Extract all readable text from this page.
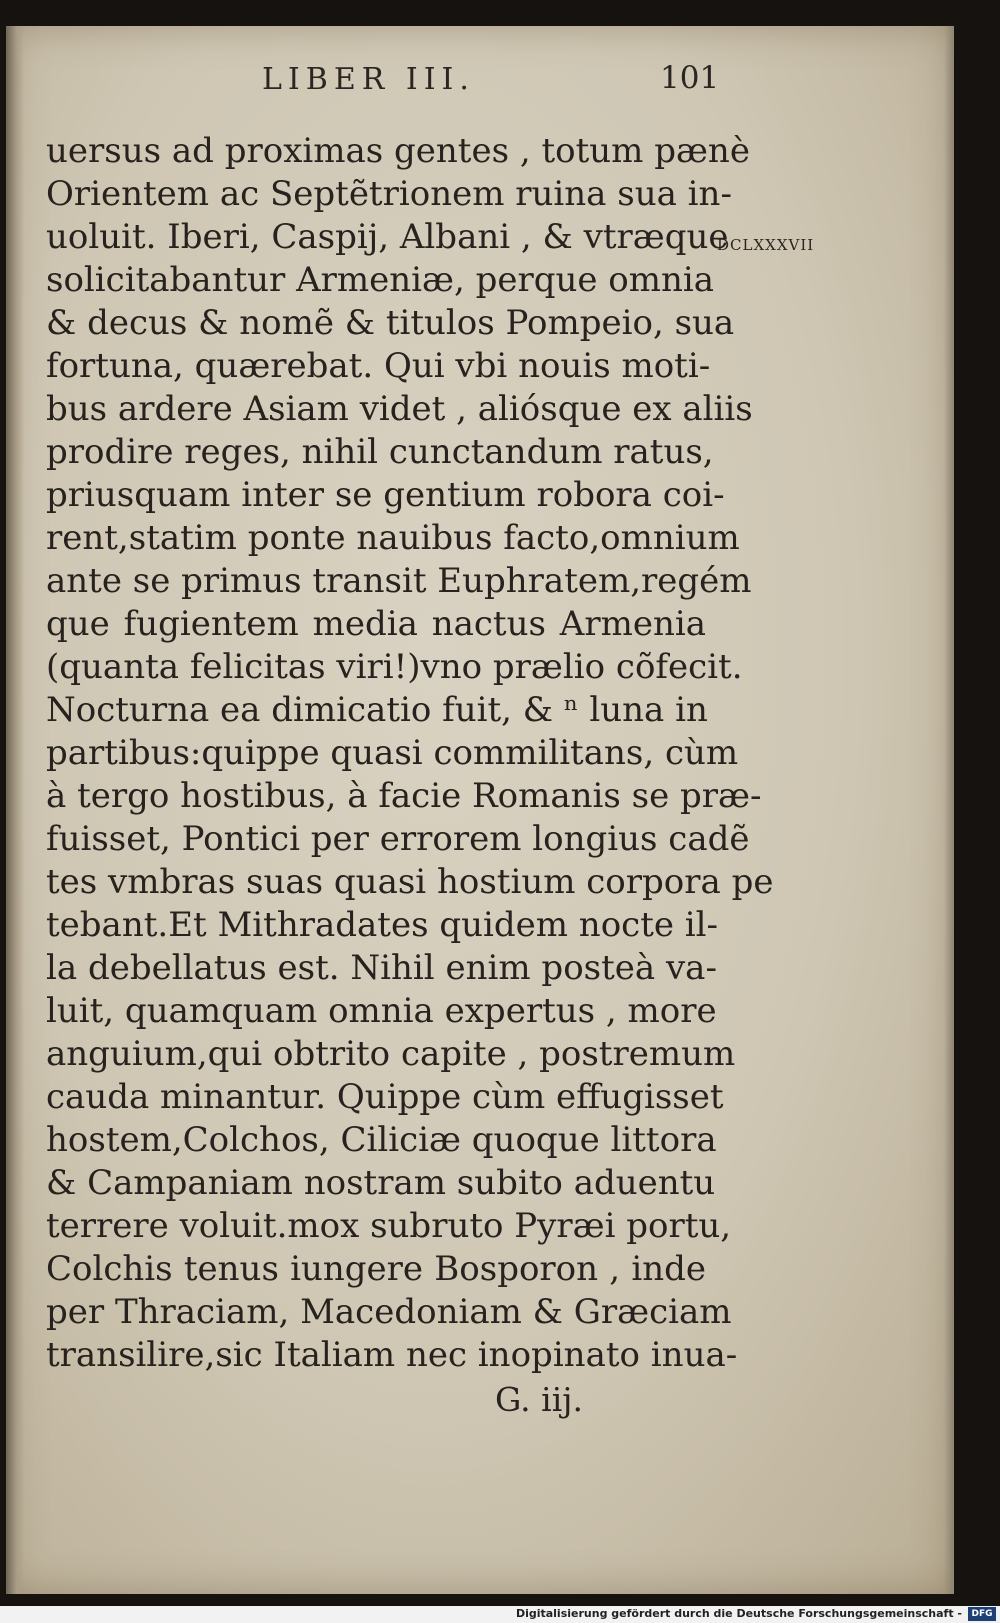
LIBER III.	101
DCLXXXVII
uersus ad proximas gentes , totum pænè
Orientem ac Septẽtrionem ruina sua in-
uoluit. Iberi, Caspij, Albani , & vtræque
solicitabantur Armeniæ, perque omnia
& decus & nomẽ & titulos Pompeio, sua
fortuna, quærebat. Qui vbi nouis moti-
bus ardere Asiam videt , aliósque ex aliis
prodire reges, nihil cunctandum ratus,
priusquam inter se gentium robora coi-
rent,statim ponte nauibus facto,omnium
ante se primus transit Euphratem,regém
que fugientem media nactus Armenia
(quanta felicitas viri!)vno prælio cõfecit.
Nocturna ea dimicatio fuit, & ⁿ luna in
partibus:quippe quasi commilitans, cùm
à tergo hostibus, à facie Romanis se præ-
fuisset, Pontici per errorem longius cadẽ
tes vmbras suas quasi hostium corpora pe
tebant.Et Mithradates quidem nocte il-
la debellatus est. Nihil enim posteà va-
luit, quamquam omnia expertus , more
anguium,qui obtrito capite , postremum
cauda minantur. Quippe cùm effugisset
hostem,Colchos, Ciliciæ quoque littora
& Campaniam nostram subito aduentu
terrere voluit.mox subruto Pyræi portu,
Colchis tenus iungere Bosporon , inde
per Thraciam, Macedoniam & Græciam
transilire,sic Italiam nec inopinato inua-
G. iij.
Digitalisierung gefördert durch die Deutsche Forschungsgemeinschaft -	DFG
